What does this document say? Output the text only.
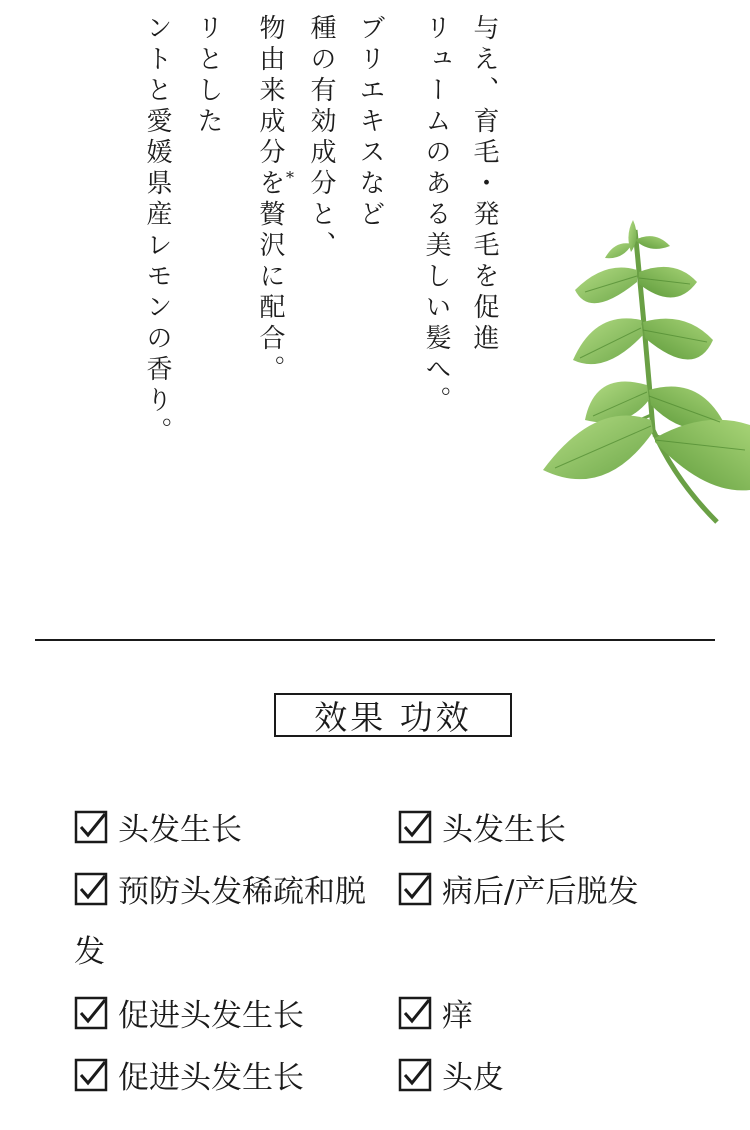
ントと愛媛県産レモンの香り。 リとした 物由来成分を贅沢に配合。 種の有効成分と、 ブリエキスなど リュームのある美しい髪へ。 与え、育毛・発毛を促進
*
效果 功效
头发生长
预防头发稀疏和脱
发
促进头发生长
促进头发生长
头发生长
病后/产后脱发
痒
头皮
